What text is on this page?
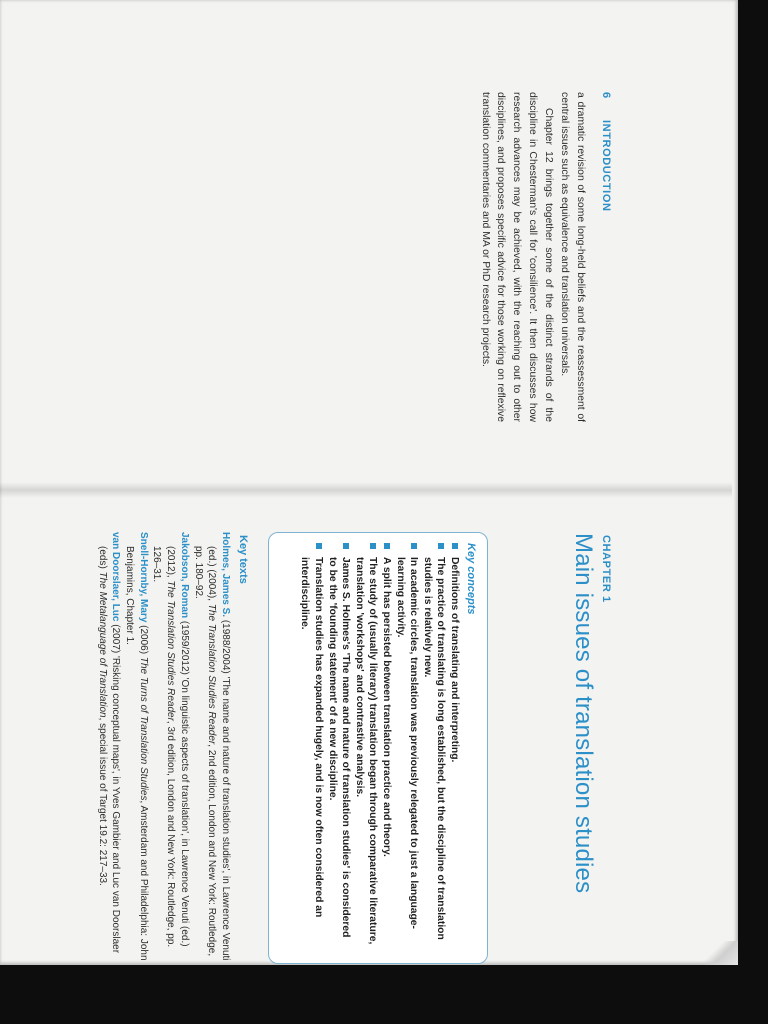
6
INTRODUCTION

a dramatic revision of some long-held beliefs and the reassessment of central issues such as equivalence and translation universals.

Chapter 12 brings together some of the distinct strands of the discipline in Chesterman's call for 'consilience'. It then discusses how research advances may be achieved, with the reaching out to other disciplines, and proposes specific advice for those working on reflexive translation commentaries and MA or PhD research projects.

CHAPTER 1
Main issues of translation studies
Key concepts
Definitions of translating and interpreting.
The practice of translating is long established, but the discipline of translation studies is relatively new.
In academic circles, translation was previously relegated to just a language-learning activity.
A split has persisted between translation practice and theory.
The study of (usually literary) translation began through comparative literature, translation 'workshops' and contrastive analysis.
James S. Holmes's 'The name and nature of translation studies' is considered to be the 'founding statement' of a new discipline.
Translation studies has expanded hugely, and is now often considered an interdiscipline.
Key texts

Holmes, James S. (1988/2004) 'The name and nature of translation studies', in Lawrence Venuti (ed.) (2004), The Translation Studies Reader, 2nd edition, London and New York: Routledge, pp. 180–92.

Jakobson, Roman (1959/2012) 'On linguistic aspects of translation', in Lawrence Venuti (ed.) (2012), The Translation Studies Reader, 3rd edition, London and New York: Routledge, pp. 126–31.

Snell-Hornby, Mary (2006) The Turns of Translation Studies, Amsterdam and Philadelphia: John Benjamins, Chapter 1.

van Doorslaer, Luc (2007) 'Risking conceptual maps', in Yves Gambier and Luc van Doorslaer (eds) The Metalanguage of Translation, special issue of Target 19.2: 217–33.
